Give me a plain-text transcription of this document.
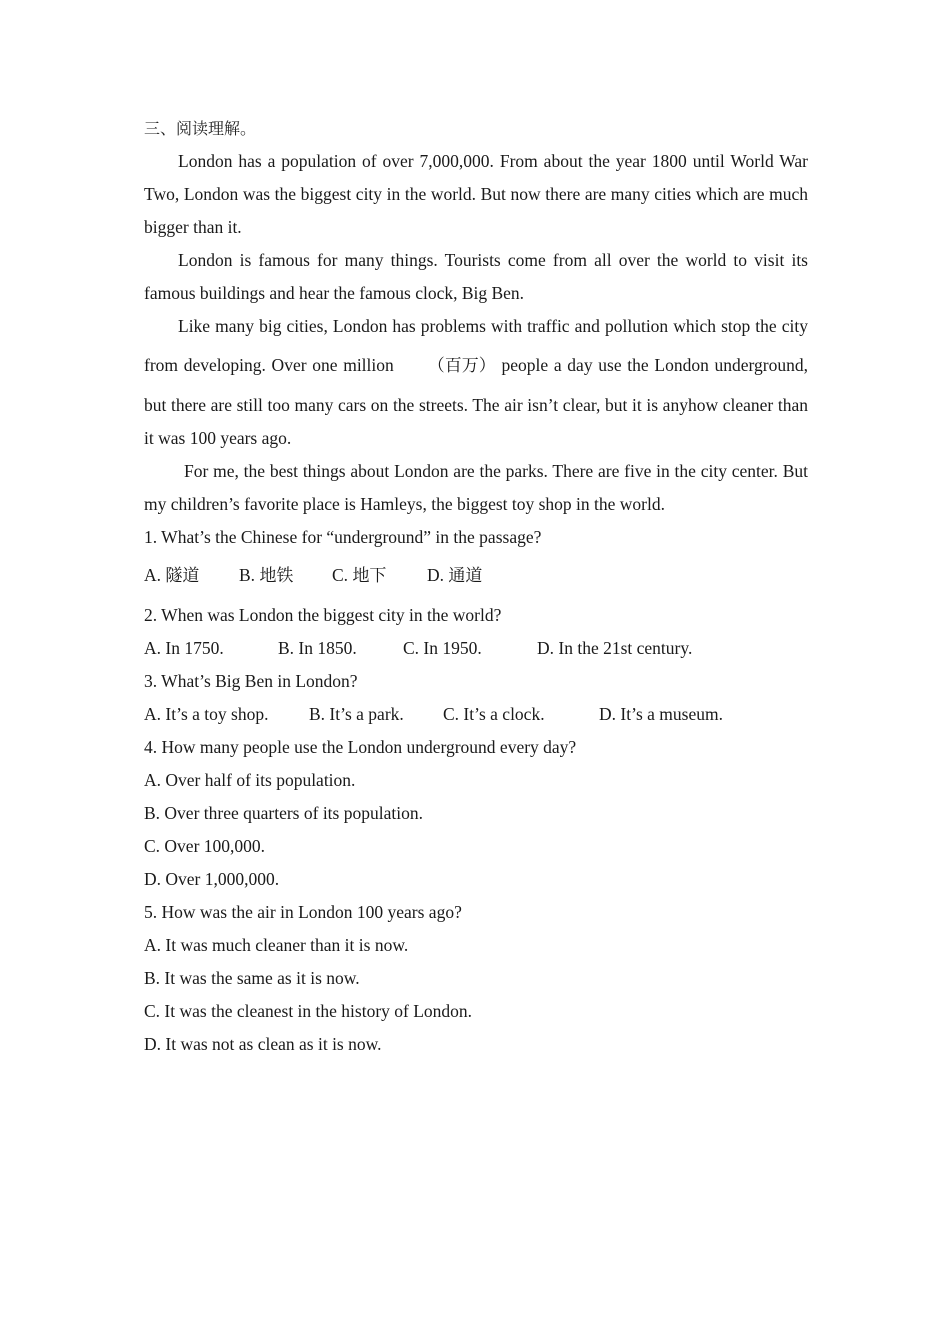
三、阅读理解。

London has a population of over 7,000,000. From about the year 1800 until World War Two, London was the biggest city in the world. But now there are many cities which are much bigger than it.

London is famous for many things. Tourists come from all over the world to visit its famous buildings and hear the famous clock, Big Ben.

Like many big cities, London has problems with traffic and pollution which stop the city from developing. Over one million （百万） people a day use the London underground, but there are still too many cars on the streets. The air isn’t clear, but it is anyhow cleaner than it was 100 years ago.

For me, the best things about London are the parks. There are five in the city center. But my children’s favorite place is Hamleys, the biggest toy shop in the world.

1. What’s the Chinese for “underground” in the passage?
A. 隧道	B. 地铁	C. 地下	D. 通道
2. When was London the biggest city in the world?
A. In 1750.	B. In 1850.	C. In 1950.	D. In the 21st century.
3. What’s Big Ben in London?
A. It’s a toy shop.	B. It’s a park.	C. It’s a clock.	D. It’s a museum.
4. How many people use the London underground every day?
A. Over half of its population.
B. Over three quarters of its population.
C. Over 100,000.
D. Over 1,000,000.
5. How was the air in London 100 years ago?
A. It was much cleaner than it is now.
B. It was the same as it is now.
C. It was the cleanest in the history of London.
D. It was not as clean as it is now.
